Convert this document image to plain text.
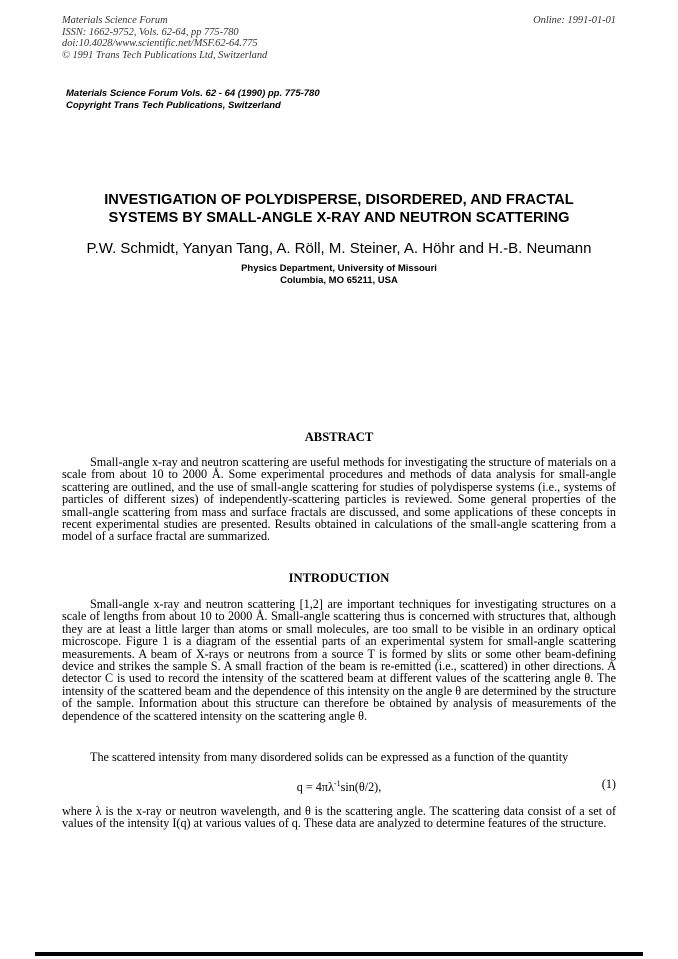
Materials Science Forum
ISSN: 1662-9752, Vols. 62-64, pp 775-780
doi:10.4028/www.scientific.net/MSF.62-64.775
© 1991 Trans Tech Publications Ltd, Switzerland
Online: 1991-01-01
Materials Science Forum Vols. 62 - 64 (1990) pp. 775-780
Copyright Trans Tech Publications, Switzerland
INVESTIGATION OF POLYDISPERSE, DISORDERED, AND FRACTAL
SYSTEMS BY SMALL-ANGLE X-RAY AND NEUTRON SCATTERING
P.W. Schmidt, Yanyan Tang, A. Röll, M. Steiner, A. Höhr and H.-B. Neumann
Physics Department, University of Missouri
Columbia, MO 65211, USA
ABSTRACT
Small-angle x-ray and neutron scattering are useful methods for investigating the structure of materials on a scale from about 10 to 2000 Å. Some experimental procedures and methods of data analysis for small-angle scattering are outlined, and the use of small-angle scattering for studies of polydisperse systems (i.e., systems of particles of different sizes) of independently-scattering particles is reviewed. Some general properties of the small-angle scattering from mass and surface fractals are discussed, and some applications of these concepts in recent experimental studies are presented. Results obtained in calculations of the small-angle scattering from a model of a surface fractal are summarized.
INTRODUCTION
Small-angle x-ray and neutron scattering [1,2] are important techniques for investigating structures on a scale of lengths from about 10 to 2000 Å. Small-angle scattering thus is concerned with structures that, although they are at least a little larger than atoms or small molecules, are too small to be visible in an ordinary optical microscope. Figure 1 is a diagram of the essential parts of an experimental system for small-angle scattering measurements. A beam of X-rays or neutrons from a source T is formed by slits or some other beam-defining device and strikes the sample S. A small fraction of the beam is re-emitted (i.e., scattered) in other directions. A detector C is used to record the intensity of the scattered beam at different values of the scattering angle θ. The intensity of the scattered beam and the dependence of this intensity on the angle θ are determined by the structure of the sample. Information about this structure can therefore be obtained by analysis of measurements of the dependence of the scattered intensity on the scattering angle θ.
The scattered intensity from many disordered solids can be expressed as a function of the quantity
$q = 4\pi\lambda^{-1}\sin(\theta/2)$,	(1)
where λ is the x-ray or neutron wavelength, and θ is the scattering angle. The scattering data consist of a set of values of the intensity I(q) at various values of q. These data are analyzed to determine features of the structure.
